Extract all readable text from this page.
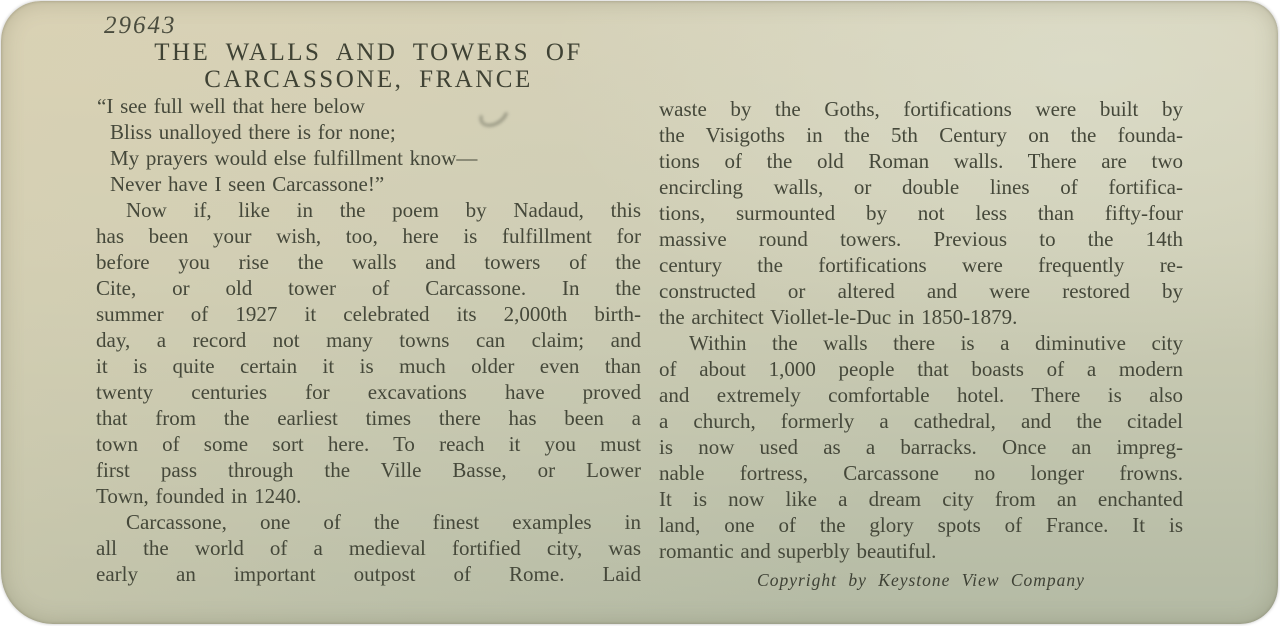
29643
THE WALLS AND TOWERS OF
CARCASSONE, FRANCE
“I see full well that here below
Bliss unalloyed there is for none;
My prayers would else fulfillment know—
Never have I seen Carcassone!”
Now if, like in the poem by Nadaud, this
has been your wish, too, here is fulfillment for
before you rise the walls and towers of the
Cite, or old tower of Carcassone. In the
summer of 1927 it celebrated its 2,000th birth-
day, a record not many towns can claim; and
it is quite certain it is much older even than
twenty centuries for excavations have proved
that from the earliest times there has been a
town of some sort here. To reach it you must
first pass through the Ville Basse, or Lower
Town, founded in 1240.
Carcassone, one of the finest examples in
all the world of a medieval fortified city, was
early an important outpost of Rome. Laid
waste by the Goths, fortifications were built by
the Visigoths in the 5th Century on the founda-
tions of the old Roman walls. There are two
encircling walls, or double lines of fortifica-
tions, surmounted by not less than fifty-four
massive round towers. Previous to the 14th
century the fortifications were frequently re-
constructed or altered and were restored by
the architect Viollet-le-Duc in 1850-1879.
Within the walls there is a diminutive city
of about 1,000 people that boasts of a modern
and extremely comfortable hotel. There is also
a church, formerly a cathedral, and the citadel
is now used as a barracks. Once an impreg-
nable fortress, Carcassone no longer frowns.
It is now like a dream city from an enchanted
land, one of the glory spots of France. It is
romantic and superbly beautiful.
Copyright by Keystone View Company
